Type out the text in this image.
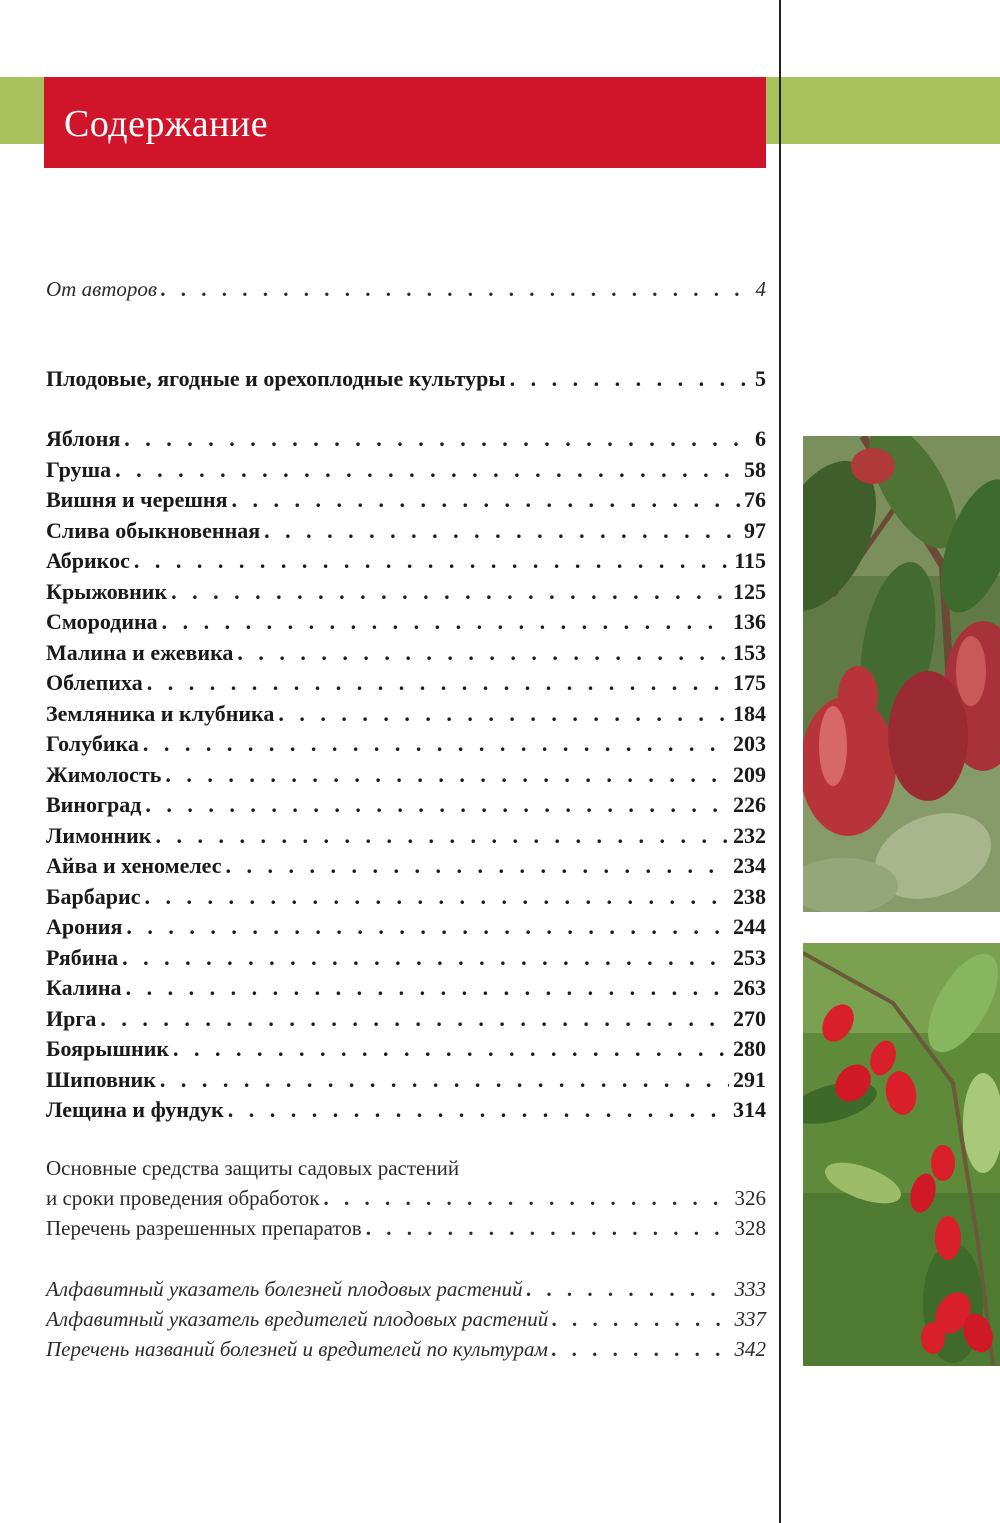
Содержание
От авторов . . .	4
Плодовые, ягодные и орехоплодные культуры . . .	5
Яблоня . . .	6
Груша . . .	58
Вишня и черешня . . .	76
Слива обыкновенная . . .	97
Абрикос . . .	115
Крыжовник . . .	125
Смородина . . .	136
Малина и ежевика . . .	153
Облепиха . . .	175
Земляника и клубника . . .	184
Голубика . . .	203
Жимолость . . .	209
Виноград . . .	226
Лимонник . . .	232
Айва и хеномелес . . .	234
Барбарис . . .	238
Арония . . .	244
Рябина . . .	253
Калина . . .	263
Ирга . . .	270
Боярышник . . .	280
Шиповник . . .	291
Лещина и фундук . . .	314
Основные средства защиты садовых растений
и сроки проведения обработок . . .	326
Перечень разрешенных препаратов . . .	328
Алфавитный указатель болезней плодовых растений . . .	333
Алфавитный указатель вредителей плодовых растений . . .	337
Перечень названий болезней и вредителей по культурам . . .	342
